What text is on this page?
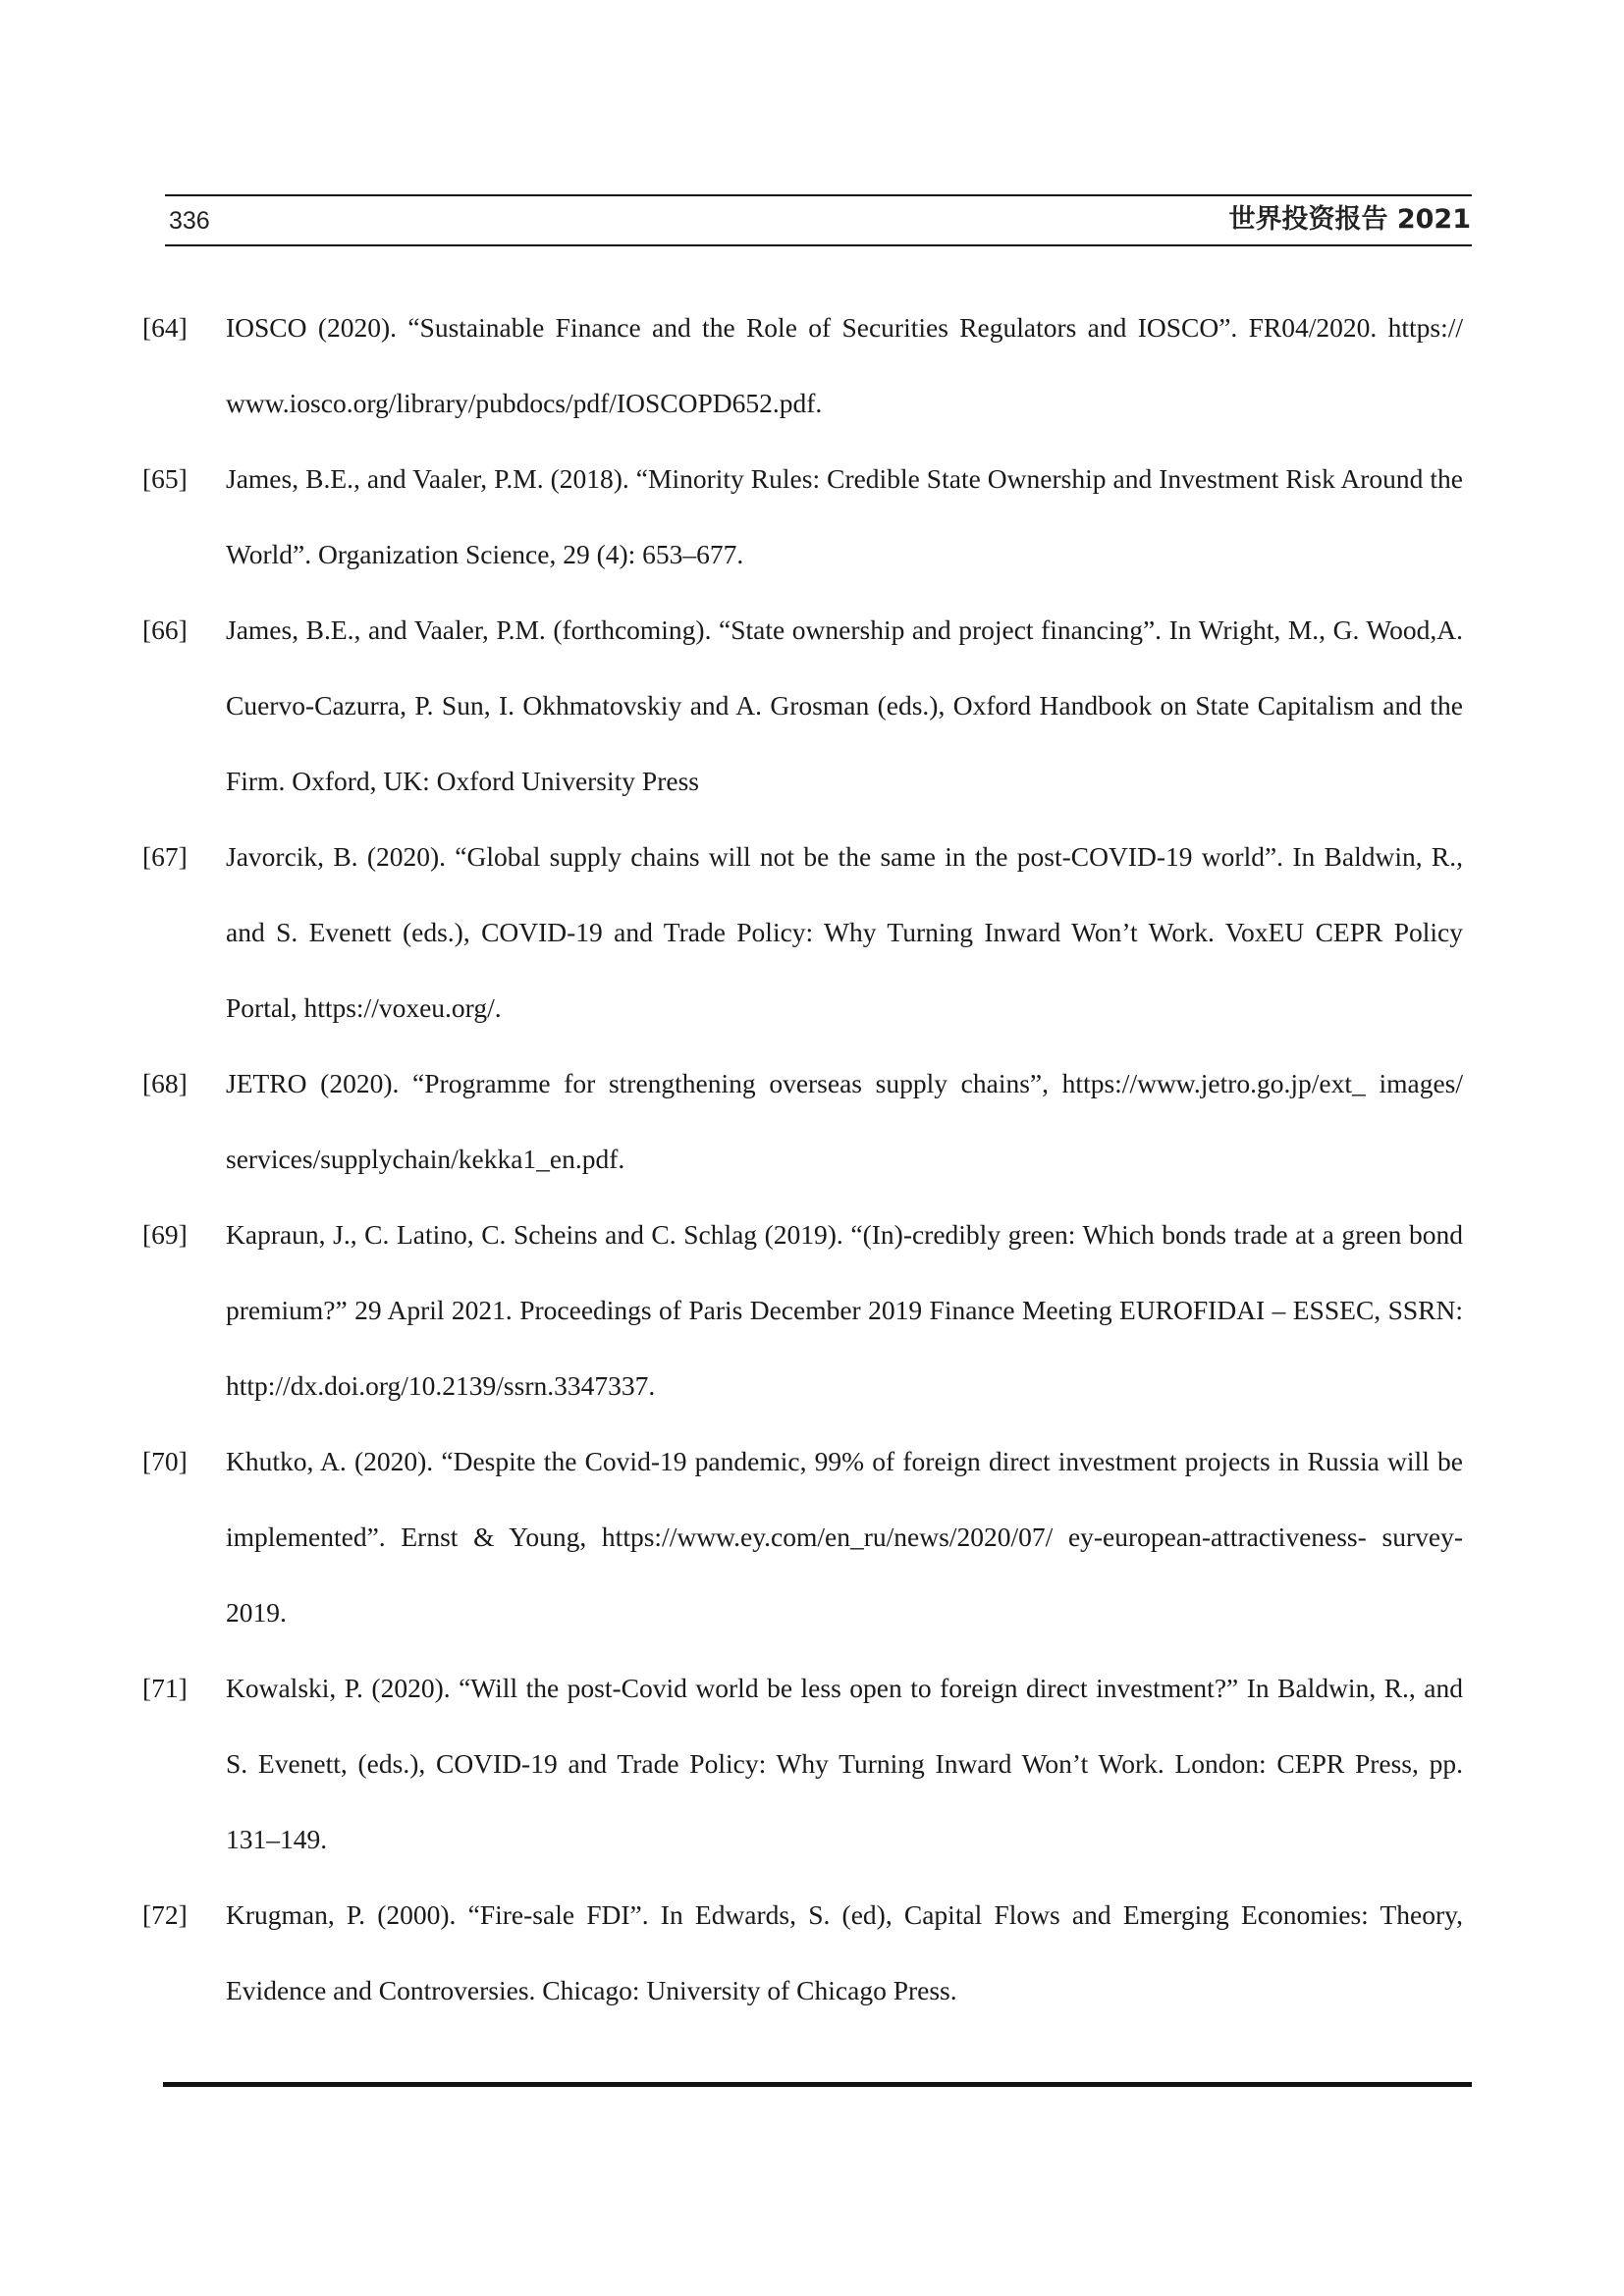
336	世界投资报告 2021
[64]	IOSCO (2020). “Sustainable Finance and the Role of Securities Regulators and IOSCO”. FR04/2020. https:// www.iosco.org/library/pubdocs/pdf/IOSCOPD652.pdf.
[65]	James, B.E., and Vaaler, P.M. (2018). “Minority Rules: Credible State Ownership and Investment Risk Around the World”. Organization Science, 29 (4): 653–677.
[66]	James, B.E., and Vaaler, P.M. (forthcoming). “State ownership and project financing”. In Wright, M., G. Wood,A. Cuervo-Cazurra, P. Sun, I. Okhmatovskiy and A. Grosman (eds.), Oxford Handbook on State Capitalism and the Firm. Oxford, UK: Oxford University Press
[67]	Javorcik, B. (2020). “Global supply chains will not be the same in the post-COVID-19 world”. In Baldwin, R., and S. Evenett (eds.), COVID-19 and Trade Policy: Why Turning Inward Won’t Work. VoxEU CEPR Policy Portal, https://voxeu.org/.
[68]	JETRO (2020). “Programme for strengthening overseas supply chains”, https://www.jetro.go.jp/ext_ images/ services/supplychain/kekka1_en.pdf.
[69]	Kapraun, J., C. Latino, C. Scheins and C. Schlag (2019). “(In)-credibly green: Which bonds trade at a green bond premium?” 29 April 2021. Proceedings of Paris December 2019 Finance Meeting EUROFIDAI – ESSEC, SSRN: http://dx.doi.org/10.2139/ssrn.3347337.
[70]	Khutko, A. (2020). “Despite the Covid-19 pandemic, 99% of foreign direct investment projects in Russia will be implemented”. Ernst & Young, https://www.ey.com/en_ru/news/2020/07/ ey-european-attractiveness- survey-2019.
[71]	Kowalski, P. (2020). “Will the post-Covid world be less open to foreign direct investment?” In Baldwin, R., and S. Evenett, (eds.), COVID-19 and Trade Policy: Why Turning Inward Won’t Work. London: CEPR Press, pp. 131–149.
[72]	Krugman, P. (2000). “Fire-sale FDI”. In Edwards, S. (ed), Capital Flows and Emerging Economies: Theory, Evidence and Controversies. Chicago: University of Chicago Press.
